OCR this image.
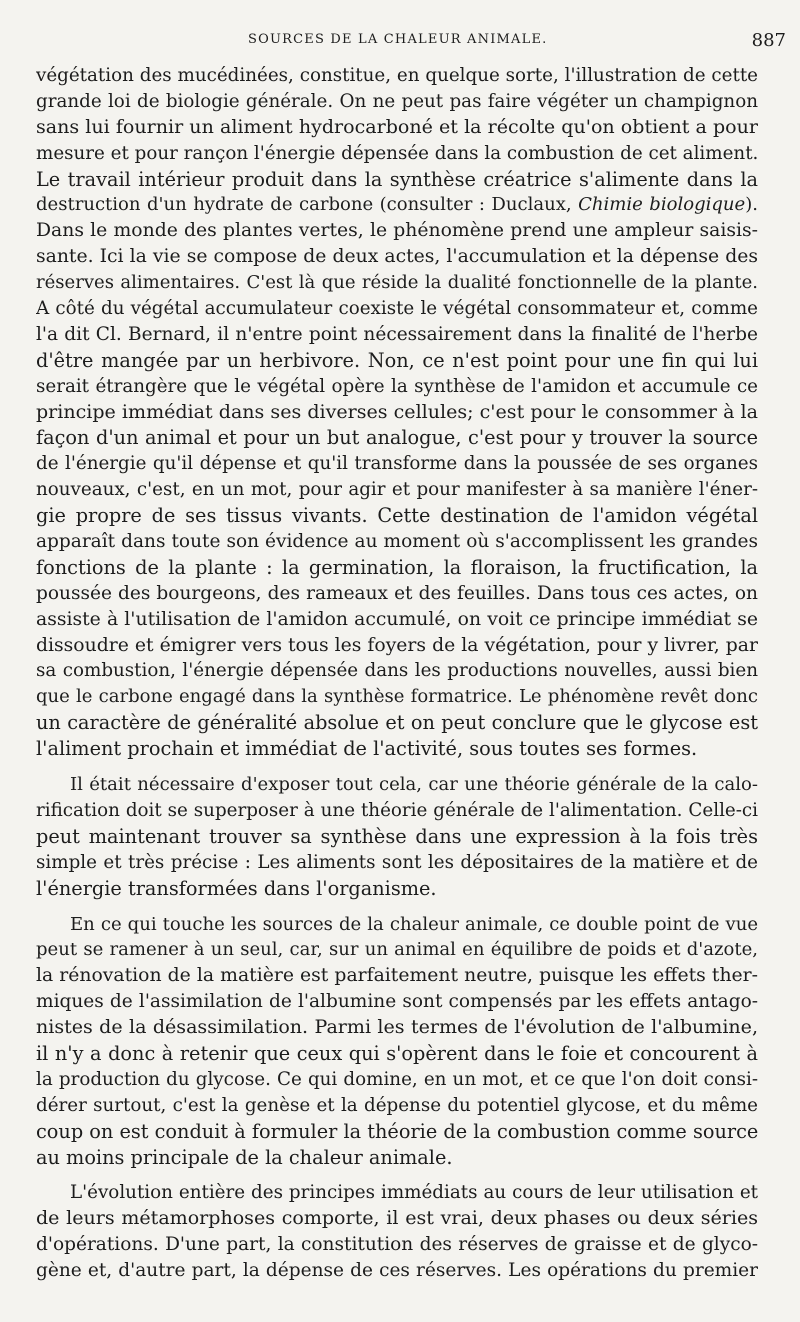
SOURCES DE LA CHALEUR ANIMALE.	887
végétation des mucédinées, constitue, en quelque sorte, l'illustration de cette
grande loi de biologie générale. On ne peut pas faire végéter un champignon
sans lui fournir un aliment hydrocarboné et la récolte qu'on obtient a pour
mesure et pour rançon l'énergie dépensée dans la combustion de cet aliment.
Le travail intérieur produit dans la synthèse créatrice s'alimente dans la
destruction d'un hydrate de carbone (consulter : Duclaux, Chimie biologique).
Dans le monde des plantes vertes, le phénomène prend une ampleur saisis-
sante. Ici la vie se compose de deux actes, l'accumulation et la dépense des
réserves alimentaires. C'est là que réside la dualité fonctionnelle de la plante.
A côté du végétal accumulateur coexiste le végétal consommateur et, comme
l'a dit Cl. Bernard, il n'entre point nécessairement dans la finalité de l'herbe
d'être mangée par un herbivore. Non, ce n'est point pour une fin qui lui
serait étrangère que le végétal opère la synthèse de l'amidon et accumule ce
principe immédiat dans ses diverses cellules; c'est pour le consommer à la
façon d'un animal et pour un but analogue, c'est pour y trouver la source
de l'énergie qu'il dépense et qu'il transforme dans la poussée de ses organes
nouveaux, c'est, en un mot, pour agir et pour manifester à sa manière l'éner-
gie propre de ses tissus vivants. Cette destination de l'amidon végétal
apparaît dans toute son évidence au moment où s'accomplissent les grandes
fonctions de la plante : la germination, la floraison, la fructification, la
poussée des bourgeons, des rameaux et des feuilles. Dans tous ces actes, on
assiste à l'utilisation de l'amidon accumulé, on voit ce principe immédiat se
dissoudre et émigrer vers tous les foyers de la végétation, pour y livrer, par
sa combustion, l'énergie dépensée dans les productions nouvelles, aussi bien
que le carbone engagé dans la synthèse formatrice. Le phénomène revêt donc
un caractère de généralité absolue et on peut conclure que le glycose est
l'aliment prochain et immédiat de l'activité, sous toutes ses formes.
Il était nécessaire d'exposer tout cela, car une théorie générale de la calo-
rification doit se superposer à une théorie générale de l'alimentation. Celle-ci
peut maintenant trouver sa synthèse dans une expression à la fois très
simple et très précise : Les aliments sont les dépositaires de la matière et de
l'énergie transformées dans l'organisme.
En ce qui touche les sources de la chaleur animale, ce double point de vue
peut se ramener à un seul, car, sur un animal en équilibre de poids et d'azote,
la rénovation de la matière est parfaitement neutre, puisque les effets ther-
miques de l'assimilation de l'albumine sont compensés par les effets antago-
nistes de la désassimilation. Parmi les termes de l'évolution de l'albumine,
il n'y a donc à retenir que ceux qui s'opèrent dans le foie et concourent à
la production du glycose. Ce qui domine, en un mot, et ce que l'on doit consi-
dérer surtout, c'est la genèse et la dépense du potentiel glycose, et du même
coup on est conduit à formuler la théorie de la combustion comme source
au moins principale de la chaleur animale.
L'évolution entière des principes immédiats au cours de leur utilisation et
de leurs métamorphoses comporte, il est vrai, deux phases ou deux séries
d'opérations. D'une part, la constitution des réserves de graisse et de glyco-
gène et, d'autre part, la dépense de ces réserves. Les opérations du premier
